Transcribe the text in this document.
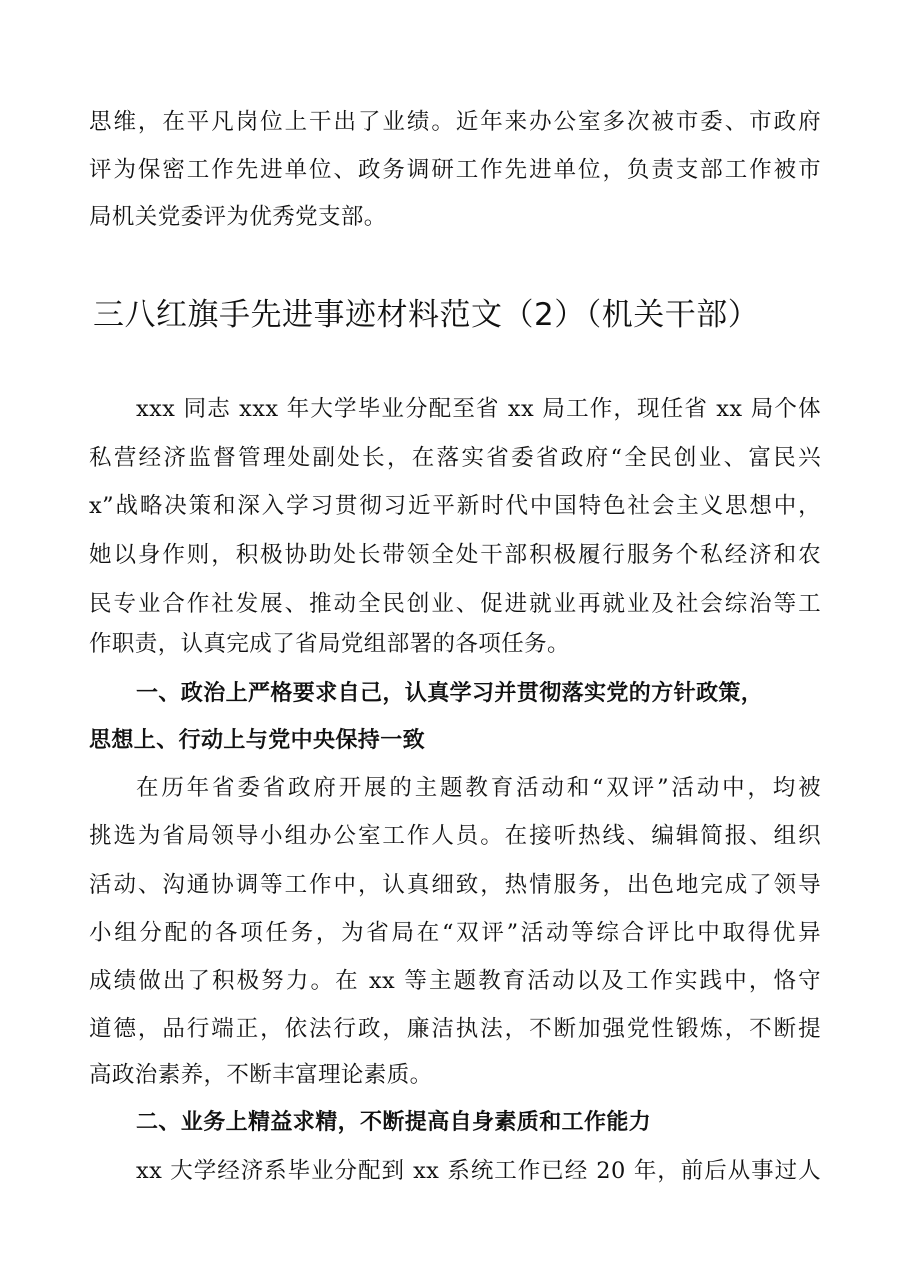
思维，在平凡岗位上干出了业绩。近年来办公室多次被市委、市政府
评为保密工作先进单位、政务调研工作先进单位，负责支部工作被市
局机关党委评为优秀党支部。
三八红旗手先进事迹材料范文（2）（机关干部）
xxx 同志 xxx 年大学毕业分配至省 xx 局工作，现任省 xx 局个体
私营经济监督管理处副处长，在落实省委省政府“全民创业、富民兴
x”战略决策和深入学习贯彻习近平新时代中国特色社会主义思想中，
她以身作则，积极协助处长带领全处干部积极履行服务个私经济和农
民专业合作社发展、推动全民创业、促进就业再就业及社会综治等工
作职责，认真完成了省局党组部署的各项任务。
一、政治上严格要求自己，认真学习并贯彻落实党的方针政策，
思想上、行动上与党中央保持一致
在历年省委省政府开展的主题教育活动和“双评”活动中，均被
挑选为省局领导小组办公室工作人员。在接听热线、编辑简报、组织
活动、沟通协调等工作中，认真细致，热情服务，出色地完成了领导
小组分配的各项任务，为省局在“双评”活动等综合评比中取得优异
成绩做出了积极努力。在 xx 等主题教育活动以及工作实践中，恪守
道德，品行端正，依法行政，廉洁执法，不断加强党性锻炼，不断提
高政治素养，不断丰富理论素质。
二、业务上精益求精，不断提高自身素质和工作能力
xx 大学经济系毕业分配到 xx 系统工作已经 20 年，前后从事过人
